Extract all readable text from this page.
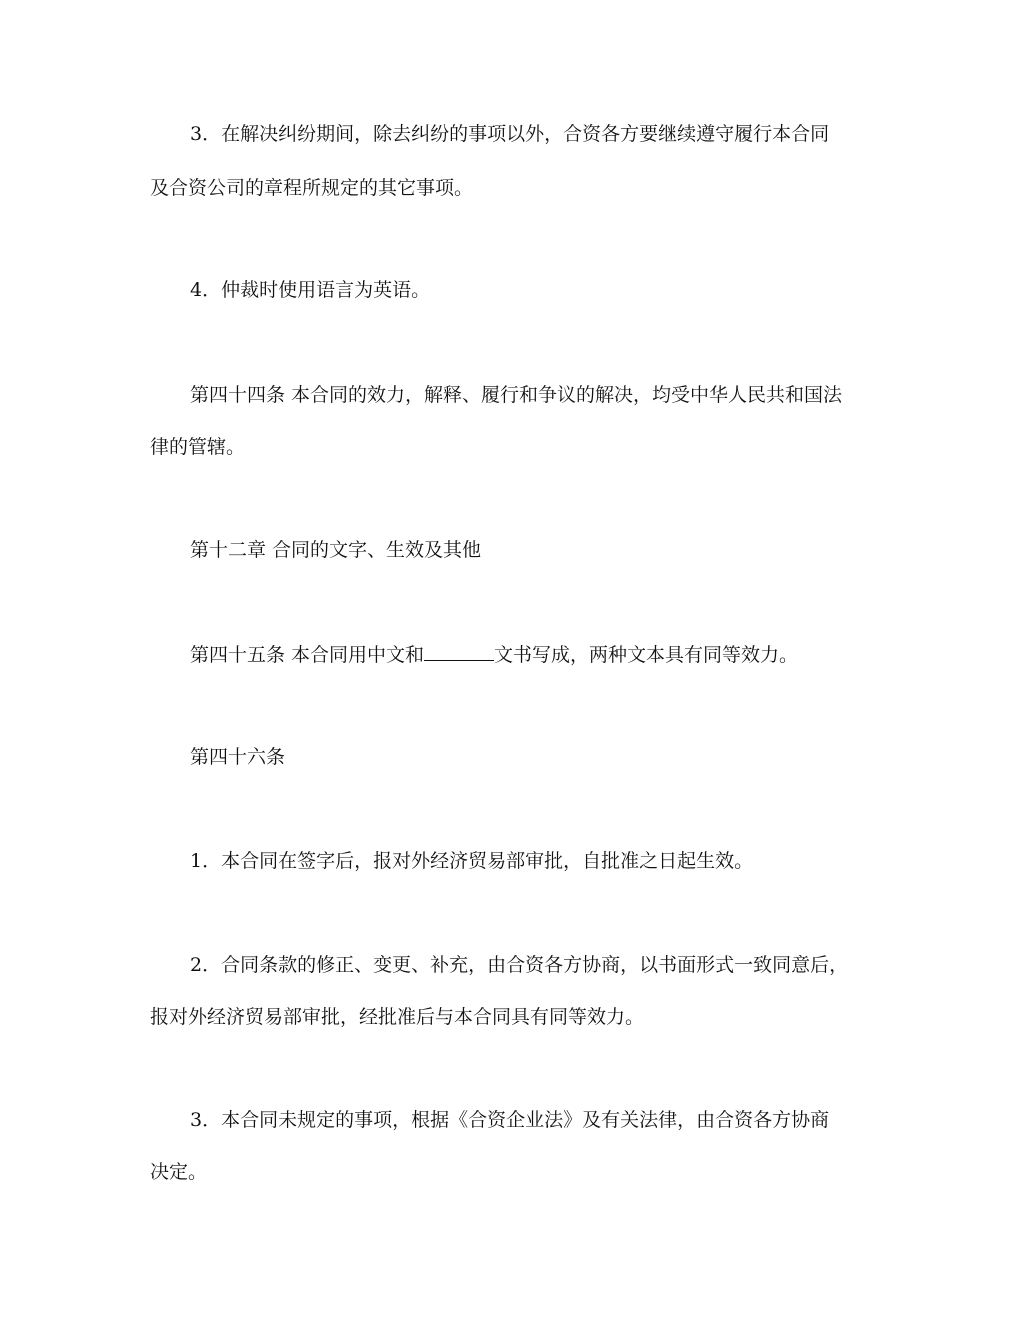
3．在解决纠纷期间，除去纠纷的事项以外，合资各方要继续遵守履行本合同
及合资公司的章程所规定的其它事项。
4．仲裁时使用语言为英语。
第四十四条 本合同的效力，解释、履行和争议的解决，均受中华人民共和国法
律的管辖。
第十二章 合同的文字、生效及其他
第四十五条 本合同用中文和	文书写成，两种文本具有同等效力。
第四十六条
1．本合同在签字后，报对外经济贸易部审批，自批准之日起生效。
2．合同条款的修正、变更、补充，由合资各方协商，以书面形式一致同意后，
报对外经济贸易部审批，经批准后与本合同具有同等效力。
3．本合同未规定的事项，根据《合资企业法》及有关法律，由合资各方协商
决定。
